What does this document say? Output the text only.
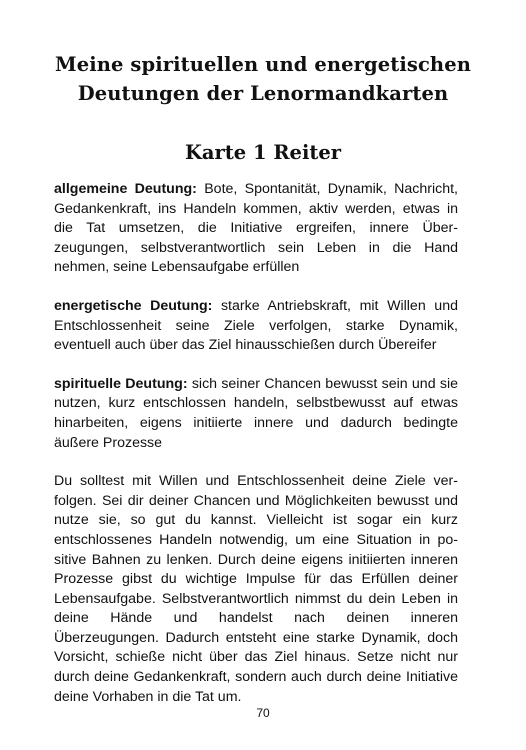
Meine spirituellen und energetischen
Deutungen der Lenormandkarten
Karte 1 Reiter

allgemeine Deutung: Bote, Spontanität, Dynamik, Nachricht, Gedankenkraft, ins Handeln kommen, aktiv werden, etwas in die Tat umsetzen, die Initiative ergreifen, innere Überzeugungen, selbstverantwortlich sein Leben in die Hand nehmen, seine Lebensaufgabe erfüllen

energetische Deutung: starke Antriebskraft, mit Willen und Entschlossenheit seine Ziele verfolgen, starke Dynamik, eventuell auch über das Ziel hinausschießen durch Übereifer

spirituelle Deutung: sich seiner Chancen bewusst sein und sie nutzen, kurz entschlossen handeln, selbstbewusst auf etwas hinarbeiten, eigens initiierte innere und dadurch bedingte äußere Prozesse

Du solltest mit Willen und Entschlossenheit deine Ziele verfolgen. Sei dir deiner Chancen und Möglichkeiten bewusst und nutze sie, so gut du kannst. Vielleicht ist sogar ein kurz entschlossenes Handeln notwendig, um eine Situation in positive Bahnen zu lenken. Durch deine eigens initiierten inneren Prozesse gibst du wichtige Impulse für das Erfüllen deiner Lebensaufgabe. Selbstverantwortlich nimmst du dein Leben in deine Hände und handelst nach deinen inneren Überzeugungen. Dadurch entsteht eine starke Dynamik, doch Vorsicht, schieße nicht über das Ziel hinaus. Setze nicht nur durch deine Gedankenkraft, sondern auch durch deine Initiative deine Vorhaben in die Tat um.

70
